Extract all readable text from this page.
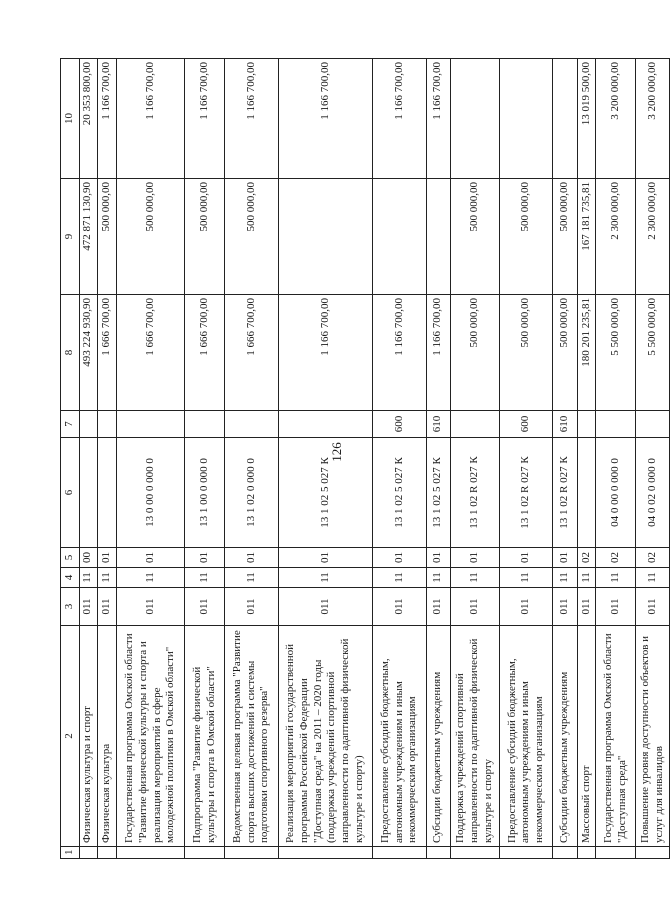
126
1	2	3	4	5	6	7	8	9	10
	Физическая культура и спорт	011	11	00			493 224 930,90	472 871 130,90	20 353 800,00
	Физическая культура	011	11	01			1 666 700,00	500 000,00	1 166 700,00
	Государственная программа Омской области "Развитие физической культуры и спорта и реализация мероприятий в сфере молодежной политики в Омской области"	011	11	01	13 0 00 0 000 0		1 666 700,00	500 000,00	1 166 700,00
	Подпрограмма "Развитие физической культуры и спорта в Омской области"	011	11	01	13 1 00 0 000 0		1 666 700,00	500 000,00	1 166 700,00
	Ведомственная целевая программа "Развитие спорта высших достижений и системы подготовки спортивного резерва"	011	11	01	13 1 02 0 000 0		1 666 700,00	500 000,00	1 166 700,00
	Реализация мероприятий государственной программы Российской Федерации "Доступная среда" на 2011 – 2020 годы (поддержка учреждений спортивной направленности по адаптивной физической культуре и спорту)	011	11	01	13 1 02 5 027 К		1 166 700,00		1 166 700,00
	Предоставление субсидий бюджетным, автономным учреждениям и иным некоммерческим организациям	011	11	01	13 1 02 5 027 К	600	1 166 700,00		1 166 700,00
	Субсидии бюджетным учреждениям	011	11	01	13 1 02 5 027 К	610	1 166 700,00		1 166 700,00
	Поддержка учреждений спортивной направленности по адаптивной физической культуре и спорту	011	11	01	13 1 02 R 027 К		500 000,00	500 000,00	
	Предоставление субсидий бюджетным, автономным учреждениям и иным некоммерческим организациям	011	11	01	13 1 02 R 027 К	600	500 000,00	500 000,00	
	Субсидии бюджетным учреждениям	011	11	01	13 1 02 R 027 К	610	500 000,00	500 000,00	
	Массовый спорт	011	11	02			180 201 235,81	167 181 735,81	13 019 500,00
	Государственная программа Омской области "Доступная среда"	011	11	02	04 0 00 0 000 0		5 500 000,00	2 300 000,00	3 200 000,00
	Повышение уровня доступности объектов и услуг для инвалидов	011	11	02	04 0 02 0 000 0		5 500 000,00	2 300 000,00	3 200 000,00
